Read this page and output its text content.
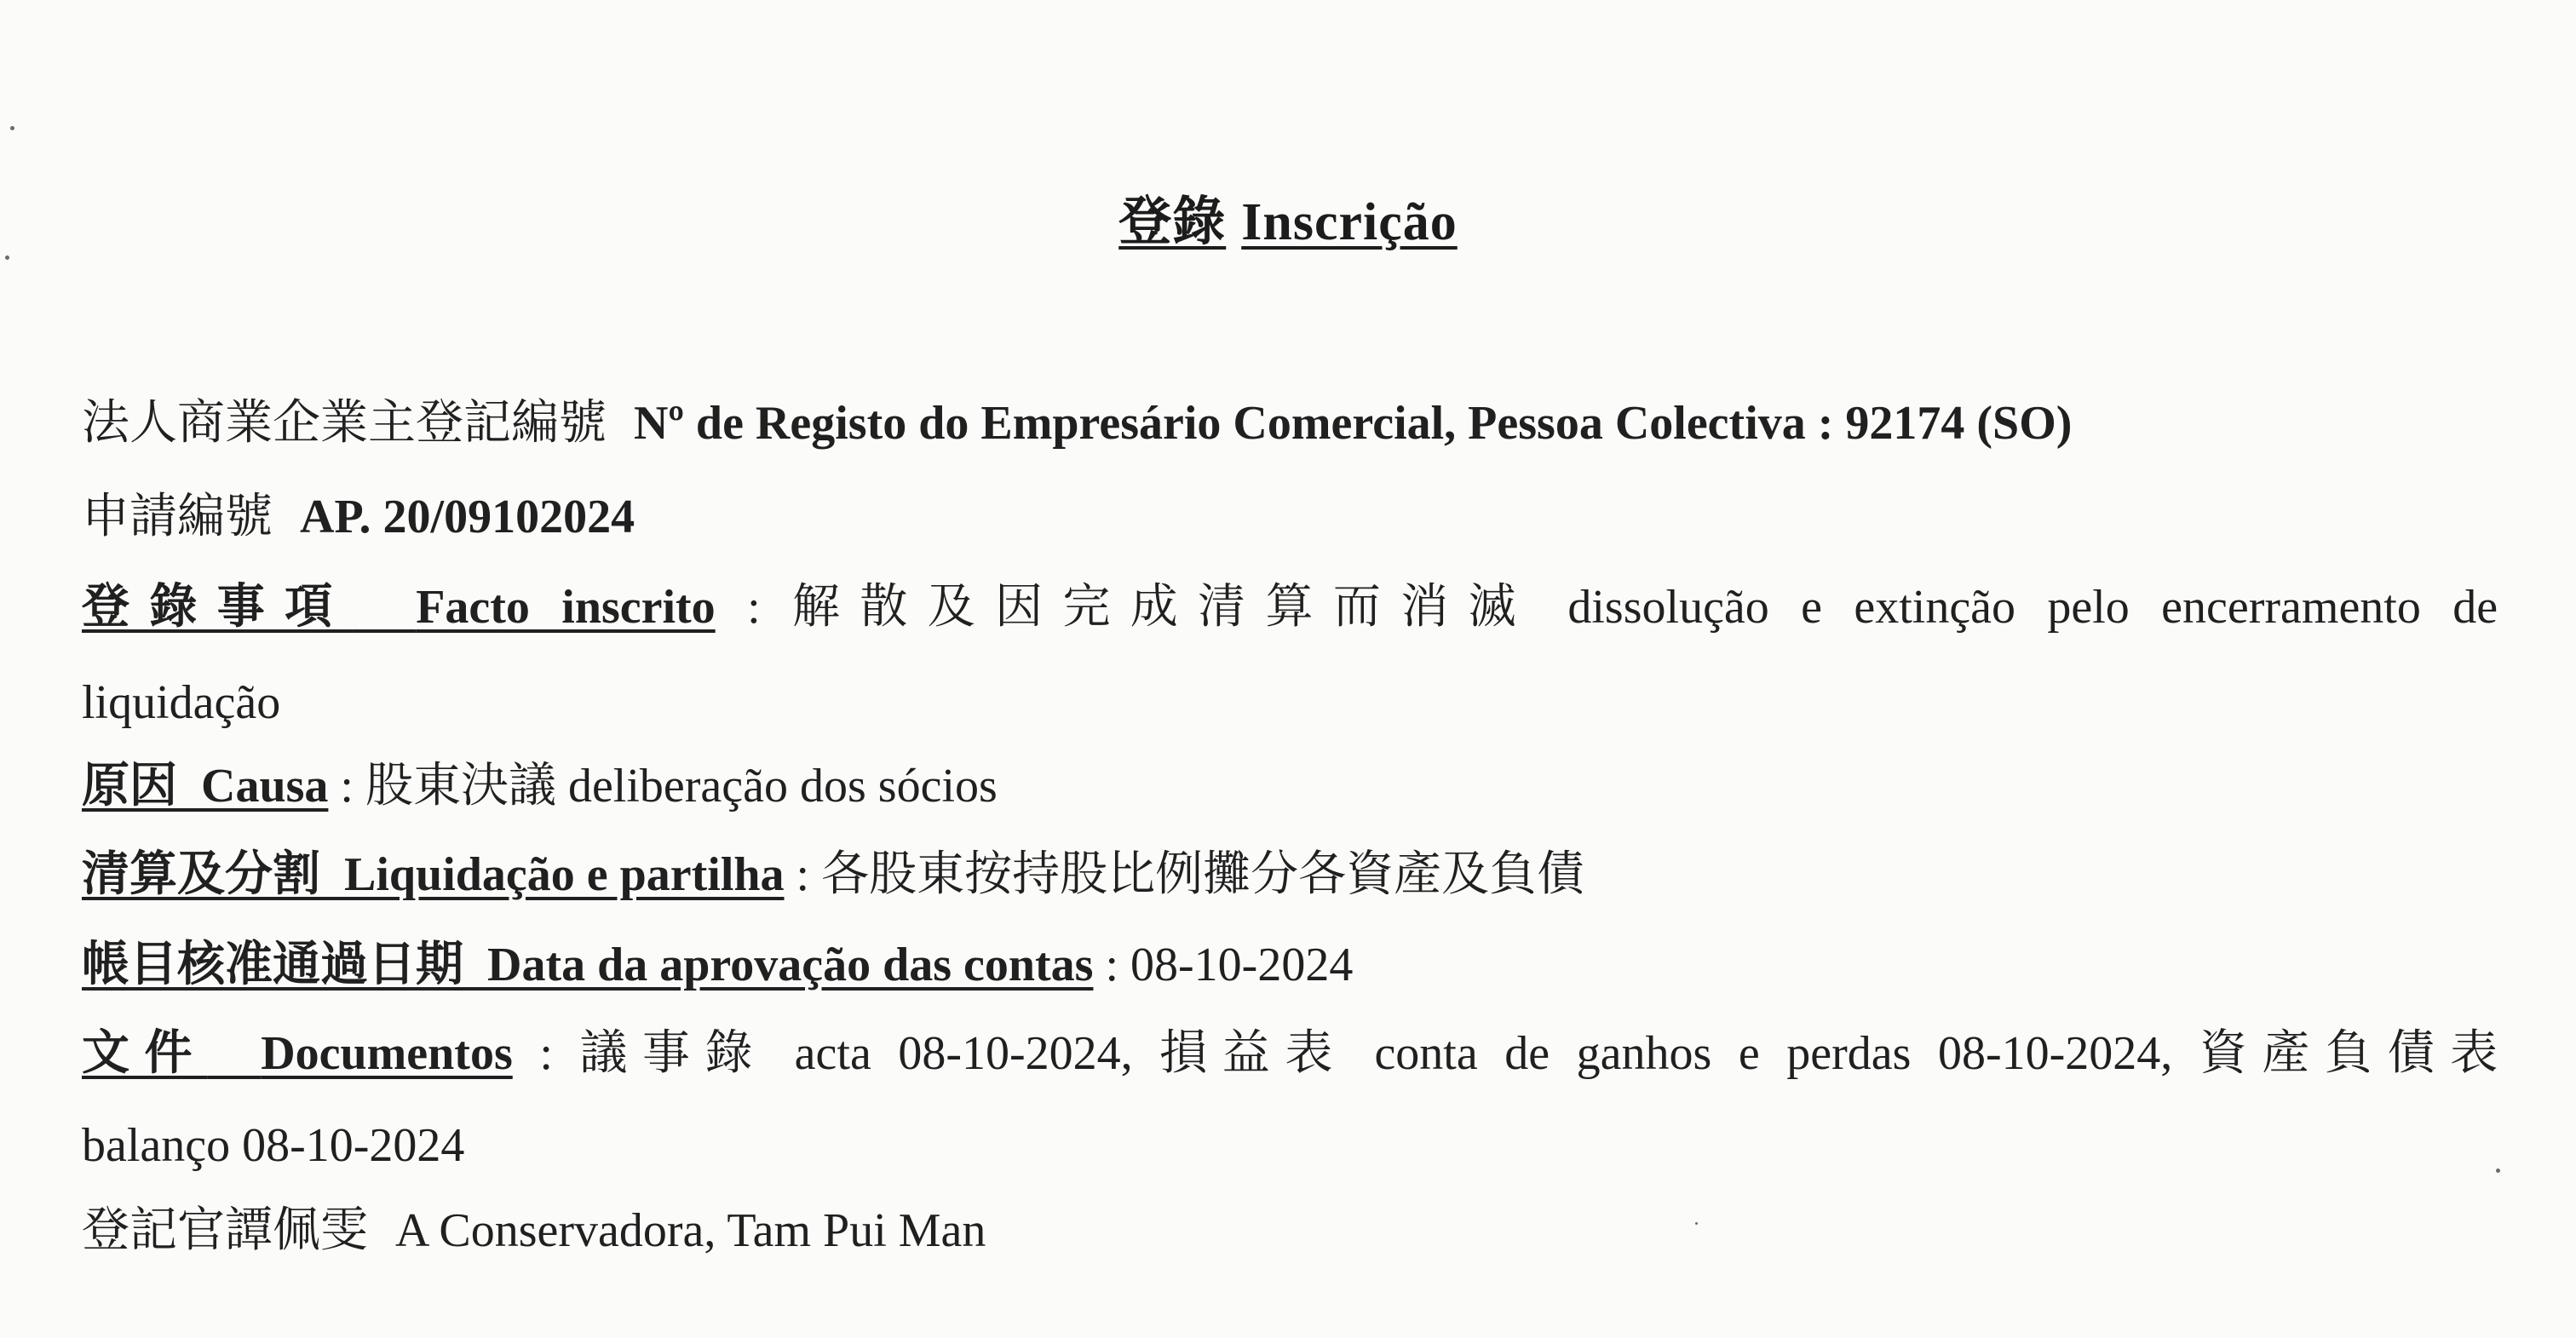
登錄 Inscrição
法人商業企業主登記編號 Nº de Registo do Empresário Comercial, Pessoa Colectiva : 92174 (SO)
申請編號 AP. 20/09102024
登錄事項 Facto inscrito : 解散及因完成清算而消滅 dissolução e extinção pelo encerramento de
liquidação
原因 Causa : 股東決議 deliberação dos sócios
清算及分割 Liquidação e partilha : 各股東按持股比例攤分各資產及負債
帳目核准通過日期 Data da aprovação das contas : 08-10-2024
文件 Documentos : 議事錄 acta 08-10-2024, 損益表 conta de ganhos e perdas 08-10-2024, 資產負債表
balanço 08-10-2024
登記官譚佩雯 A Conservadora, Tam Pui Man
